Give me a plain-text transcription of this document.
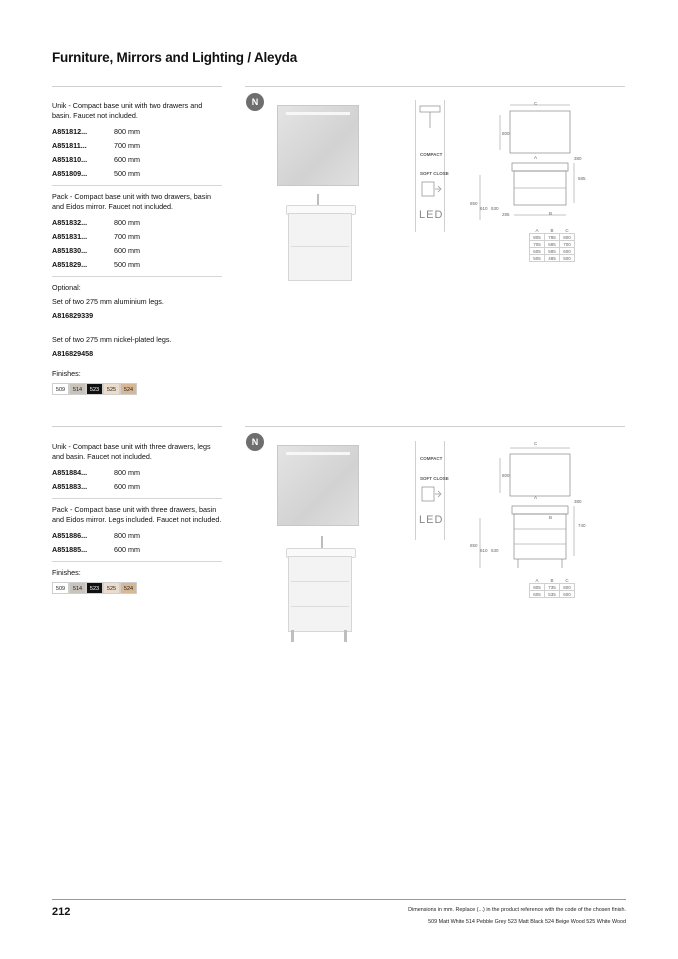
Furniture, Mirrors and Lighting / Aleyda

Unik - Compact base unit with two drawers and basin. Faucet not included.

A851812...	800 mm
A851811...	700 mm
A851810...	600 mm
A851809...	500 mm

Pack - Compact base unit with two drawers, basin and Eidos mirror. Faucet not included.

A851832...	800 mm
A851831...	700 mm
A851830...	600 mm
A851829...	500 mm

Optional:

Set of two 275 mm aluminium legs.

A816829339

Set of two 275 mm nickel-plated legs.

A816829458

Finishes:

509	514	523	525	524
N
COMPACT
SOFT CLOSE
LED
C
A
B
800
380
585
850
610 530
285
A	B	C
805	785	800
705	685	700
605	585	600
505	485	500

Unik - Compact base unit with three drawers, legs and basin. Faucet not included.

A851884...	800 mm
A851883...	600 mm

Pack - Compact base unit with three drawers, basin and Eidos mirror. Legs included. Faucet not included.

A851886...	800 mm
A851885...	600 mm

Finishes:

509	514	523	525	524
N
COMPACT
SOFT CLOSE
LED
C
A
B
800
380
740
850
610 530
A	B	C
805	735	800
605	535	600
212	Dimensions in mm. Replace (...) in the product reference with the code of the chosen finish.
509 Matt White 514 Pebble Grey 523 Matt Black 524 Beige Wood 525 White Wood
